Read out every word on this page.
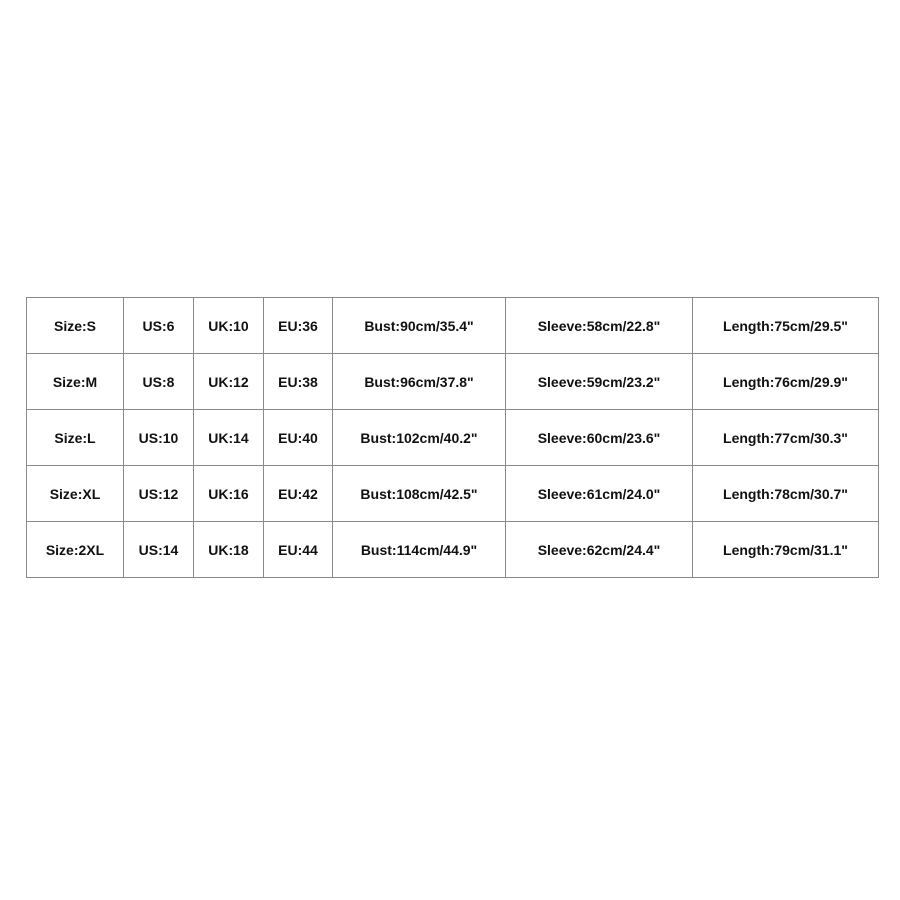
Size:S	US:6	UK:10	EU:36	Bust:90cm/35.4"	Sleeve:58cm/22.8"	Length:75cm/29.5"
Size:M	US:8	UK:12	EU:38	Bust:96cm/37.8"	Sleeve:59cm/23.2"	Length:76cm/29.9"
Size:L	US:10	UK:14	EU:40	Bust:102cm/40.2"	Sleeve:60cm/23.6"	Length:77cm/30.3"
Size:XL	US:12	UK:16	EU:42	Bust:108cm/42.5"	Sleeve:61cm/24.0"	Length:78cm/30.7"
Size:2XL	US:14	UK:18	EU:44	Bust:114cm/44.9"	Sleeve:62cm/24.4"	Length:79cm/31.1"
